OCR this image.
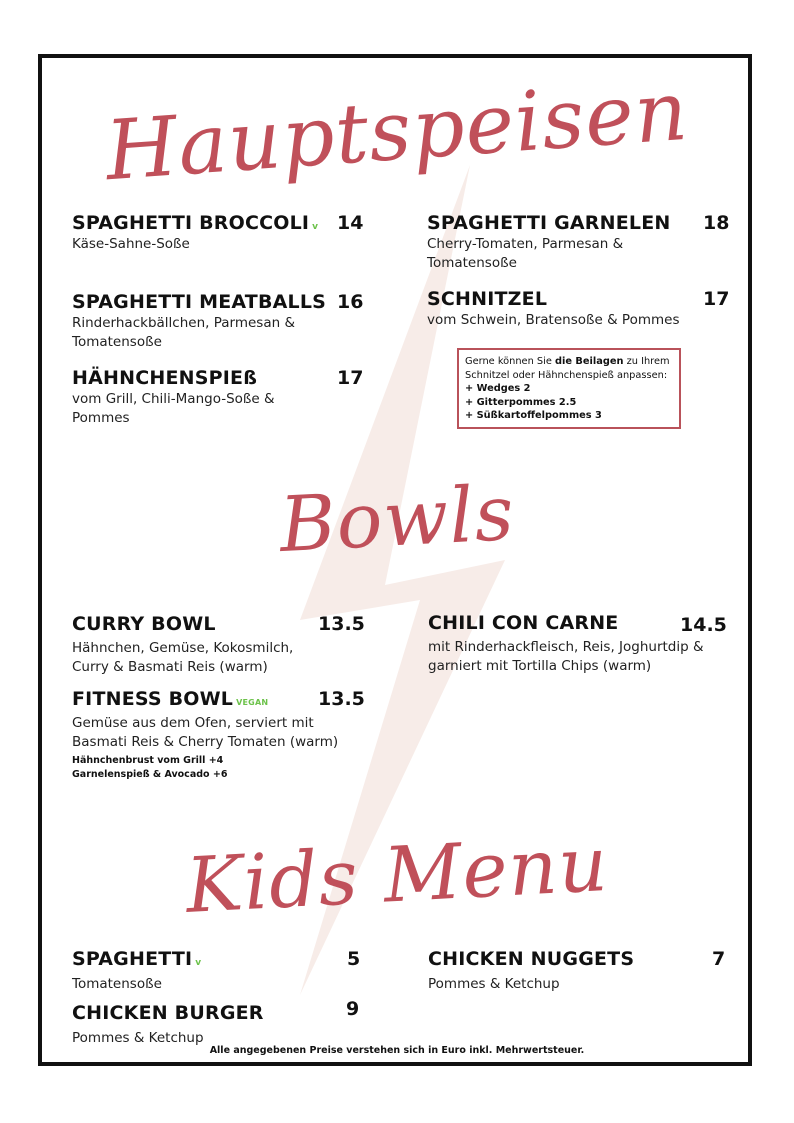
Hauptspeisen
SPAGHETTI BROCCOLI v 14
Käse-Sahne-Soße
SPAGHETTI MEATBALLS 16
Rinderhackbällchen, Parmesan & Tomatensoße
HÄHNCHENSPIEß	17
vom Grill, Chili-Mango-Soße & Pommes
SPAGHETTI GARNELEN	18
Cherry-Tomaten, Parmesan & Tomatensoße
SCHNITZEL	17
vom Schwein, Bratensoße & Pommes
Gerne können Sie die Beilagen zu Ihrem Schnitzel oder Hähnchenspieß anpassen:
+ Wedges 2
+ Gitterpommes 2.5
+ Süßkartoffelpommes 3
Bowls
CURRY BOWL	13.5
Hähnchen, Gemüse, Kokosmilch, Curry & Basmati Reis (warm)
FITNESS BOWL VEGAN	13.5
Gemüse aus dem Ofen, serviert mit Basmati Reis & Cherry Tomaten (warm)
Hähnchenbrust vom Grill +4
Garnelenspieß & Avocado +6
CHILI CON CARNE	14.5
mit Rinderhackfleisch, Reis, Joghurtdip & garniert mit Tortilla Chips (warm)
Kids Menu
SPAGHETTI v	5
Tomatensoße
CHICKEN BURGER	9
Pommes & Ketchup
CHICKEN NUGGETS	7
Pommes & Ketchup
Alle angegebenen Preise verstehen sich in Euro inkl. Mehrwertsteuer.
